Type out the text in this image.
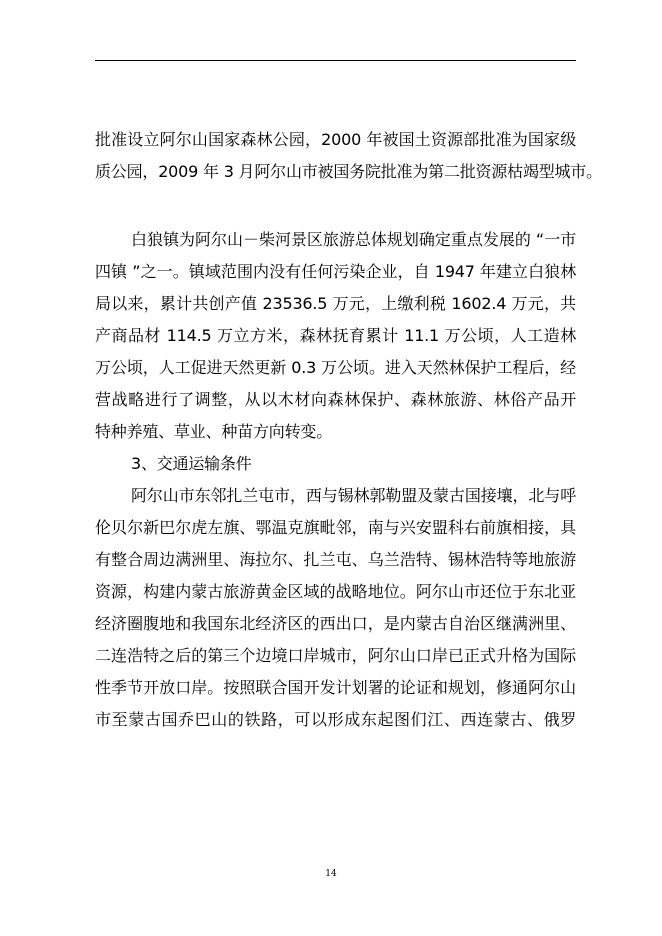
批准设立阿尔山国家森林公园，2000 年被国土资源部批准为国家级
质公园，2009 年 3 月阿尔山市被国务院批准为第二批资源枯竭型城市。
白狼镇为阿尔山－柴河景区旅游总体规划确定重点发展的 “一市
四镇 ”之一。镇域范围内没有任何污染企业，自 1947 年建立白狼林
局以来，累计共创产值 23536.5 万元，上缴利税 1602.4 万元，共
产商品材 114.5 万立方米，森林抚育累计 11.1 万公顷，人工造林
万公顷，人工促进天然更新 0.3 万公顷。进入天然林保护工程后，经
营战略进行了调整，从以木材向森林保护、森林旅游、林俗产品开
特种养殖、草业、种苗方向转变。
3、交通运输条件
阿尔山市东邻扎兰屯市，西与锡林郭勒盟及蒙古国接壤，北与呼
伦贝尔新巴尔虎左旗、鄂温克旗毗邻，南与兴安盟科右前旗相接，具
有整合周边满洲里、海拉尔、扎兰屯、乌兰浩特、锡林浩特等地旅游
资源，构建内蒙古旅游黄金区域的战略地位。阿尔山市还位于东北亚
经济圈腹地和我国东北经济区的西出口，是内蒙古自治区继满洲里、
二连浩特之后的第三个边境口岸城市，阿尔山口岸已正式升格为国际
性季节开放口岸。按照联合国开发计划署的论证和规划，修通阿尔山
市至蒙古国乔巴山的铁路，可以形成东起图们江、西连蒙古、俄罗
14
